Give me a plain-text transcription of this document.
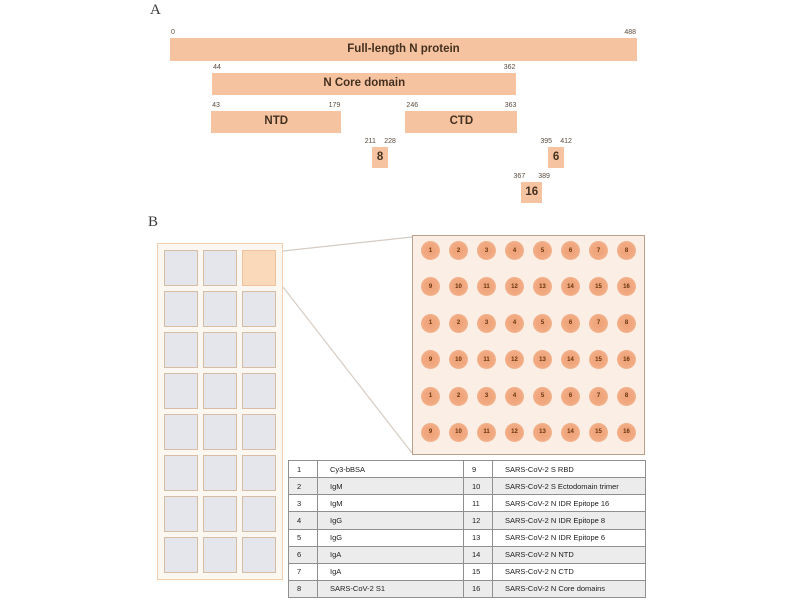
A
0	488
Full-length N protein
44	362
N Core domain
43	179
NTD
246	363
CTD
211 228
8
395 412
6
367 389
16
B
1	2	3	4	5	6	7	8
9	10	11	12	13	14	15	16
1	2	3	4	5	6	7	8
9	10	11	12	13	14	15	16
1	2	3	4	5	6	7	8
9	10	11	12	13	14	15	16
1	Cy3-bBSA	9	SARS-CoV-2 S RBD
2	IgM	10	SARS-CoV-2 S Ectodomain trimer
3	IgM	11	SARS-CoV-2 N IDR Epitope 16
4	IgG	12	SARS-CoV-2 N IDR Epitope 8
5	IgG	13	SARS-CoV-2 N IDR Epitope 6
6	IgA	14	SARS-CoV-2 N NTD
7	IgA	15	SARS-CoV-2 N CTD
8	SARS-CoV-2 S1	16	SARS-CoV-2 N Core domains
